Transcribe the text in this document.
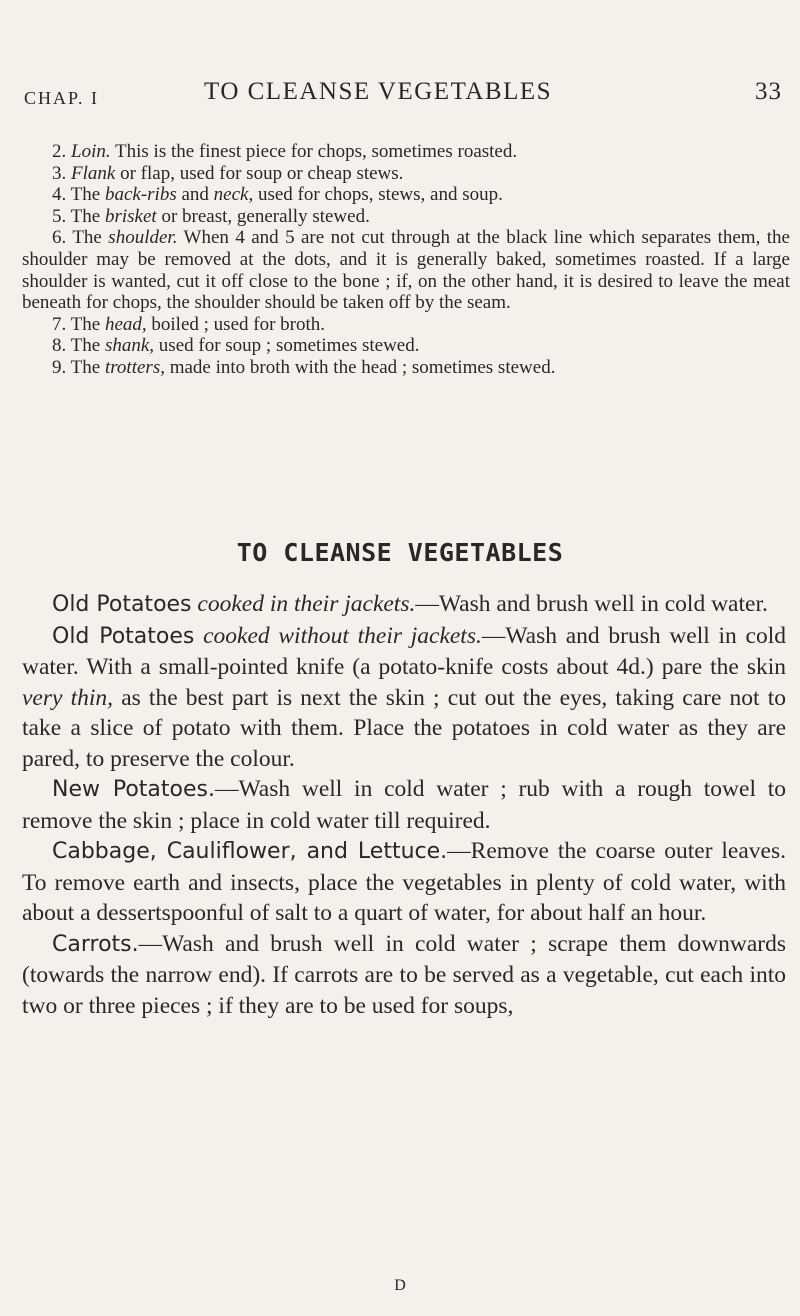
CHAP. I	TO CLEANSE VEGETABLES	33

2. Loin. This is the finest piece for chops, sometimes roasted.

3. Flank or flap, used for soup or cheap stews.

4. The back-ribs and neck, used for chops, stews, and soup.

5. The brisket or breast, generally stewed.

6. The shoulder. When 4 and 5 are not cut through at the black line which separates them, the shoulder may be removed at the dots, and it is generally baked, sometimes roasted. If a large shoulder is wanted, cut it off close to the bone ; if, on the other hand, it is desired to leave the meat beneath for chops, the shoulder should be taken off by the seam.

7. The head, boiled ; used for broth.

8. The shank, used for soup ; sometimes stewed.

9. The trotters, made into broth with the head ; sometimes stewed.

TO CLEANSE VEGETABLES

Old Potatoes cooked in their jackets.—Wash and brush well in cold water.

Old Potatoes cooked without their jackets.—Wash and brush well in cold water. With a small-pointed knife (a potato-knife costs about 4d.) pare the skin very thin, as the best part is next the skin ; cut out the eyes, taking care not to take a slice of potato with them. Place the potatoes in cold water as they are pared, to preserve the colour.

New Potatoes.—Wash well in cold water ; rub with a rough towel to remove the skin ; place in cold water till required.

Cabbage, Cauliflower, and Lettuce.—Remove the coarse outer leaves. To remove earth and insects, place the vegetables in plenty of cold water, with about a dessertspoonful of salt to a quart of water, for about half an hour.

Carrots.—Wash and brush well in cold water ; scrape them downwards (towards the narrow end). If carrots are to be served as a vegetable, cut each into two or three pieces ; if they are to be used for soups,

D
